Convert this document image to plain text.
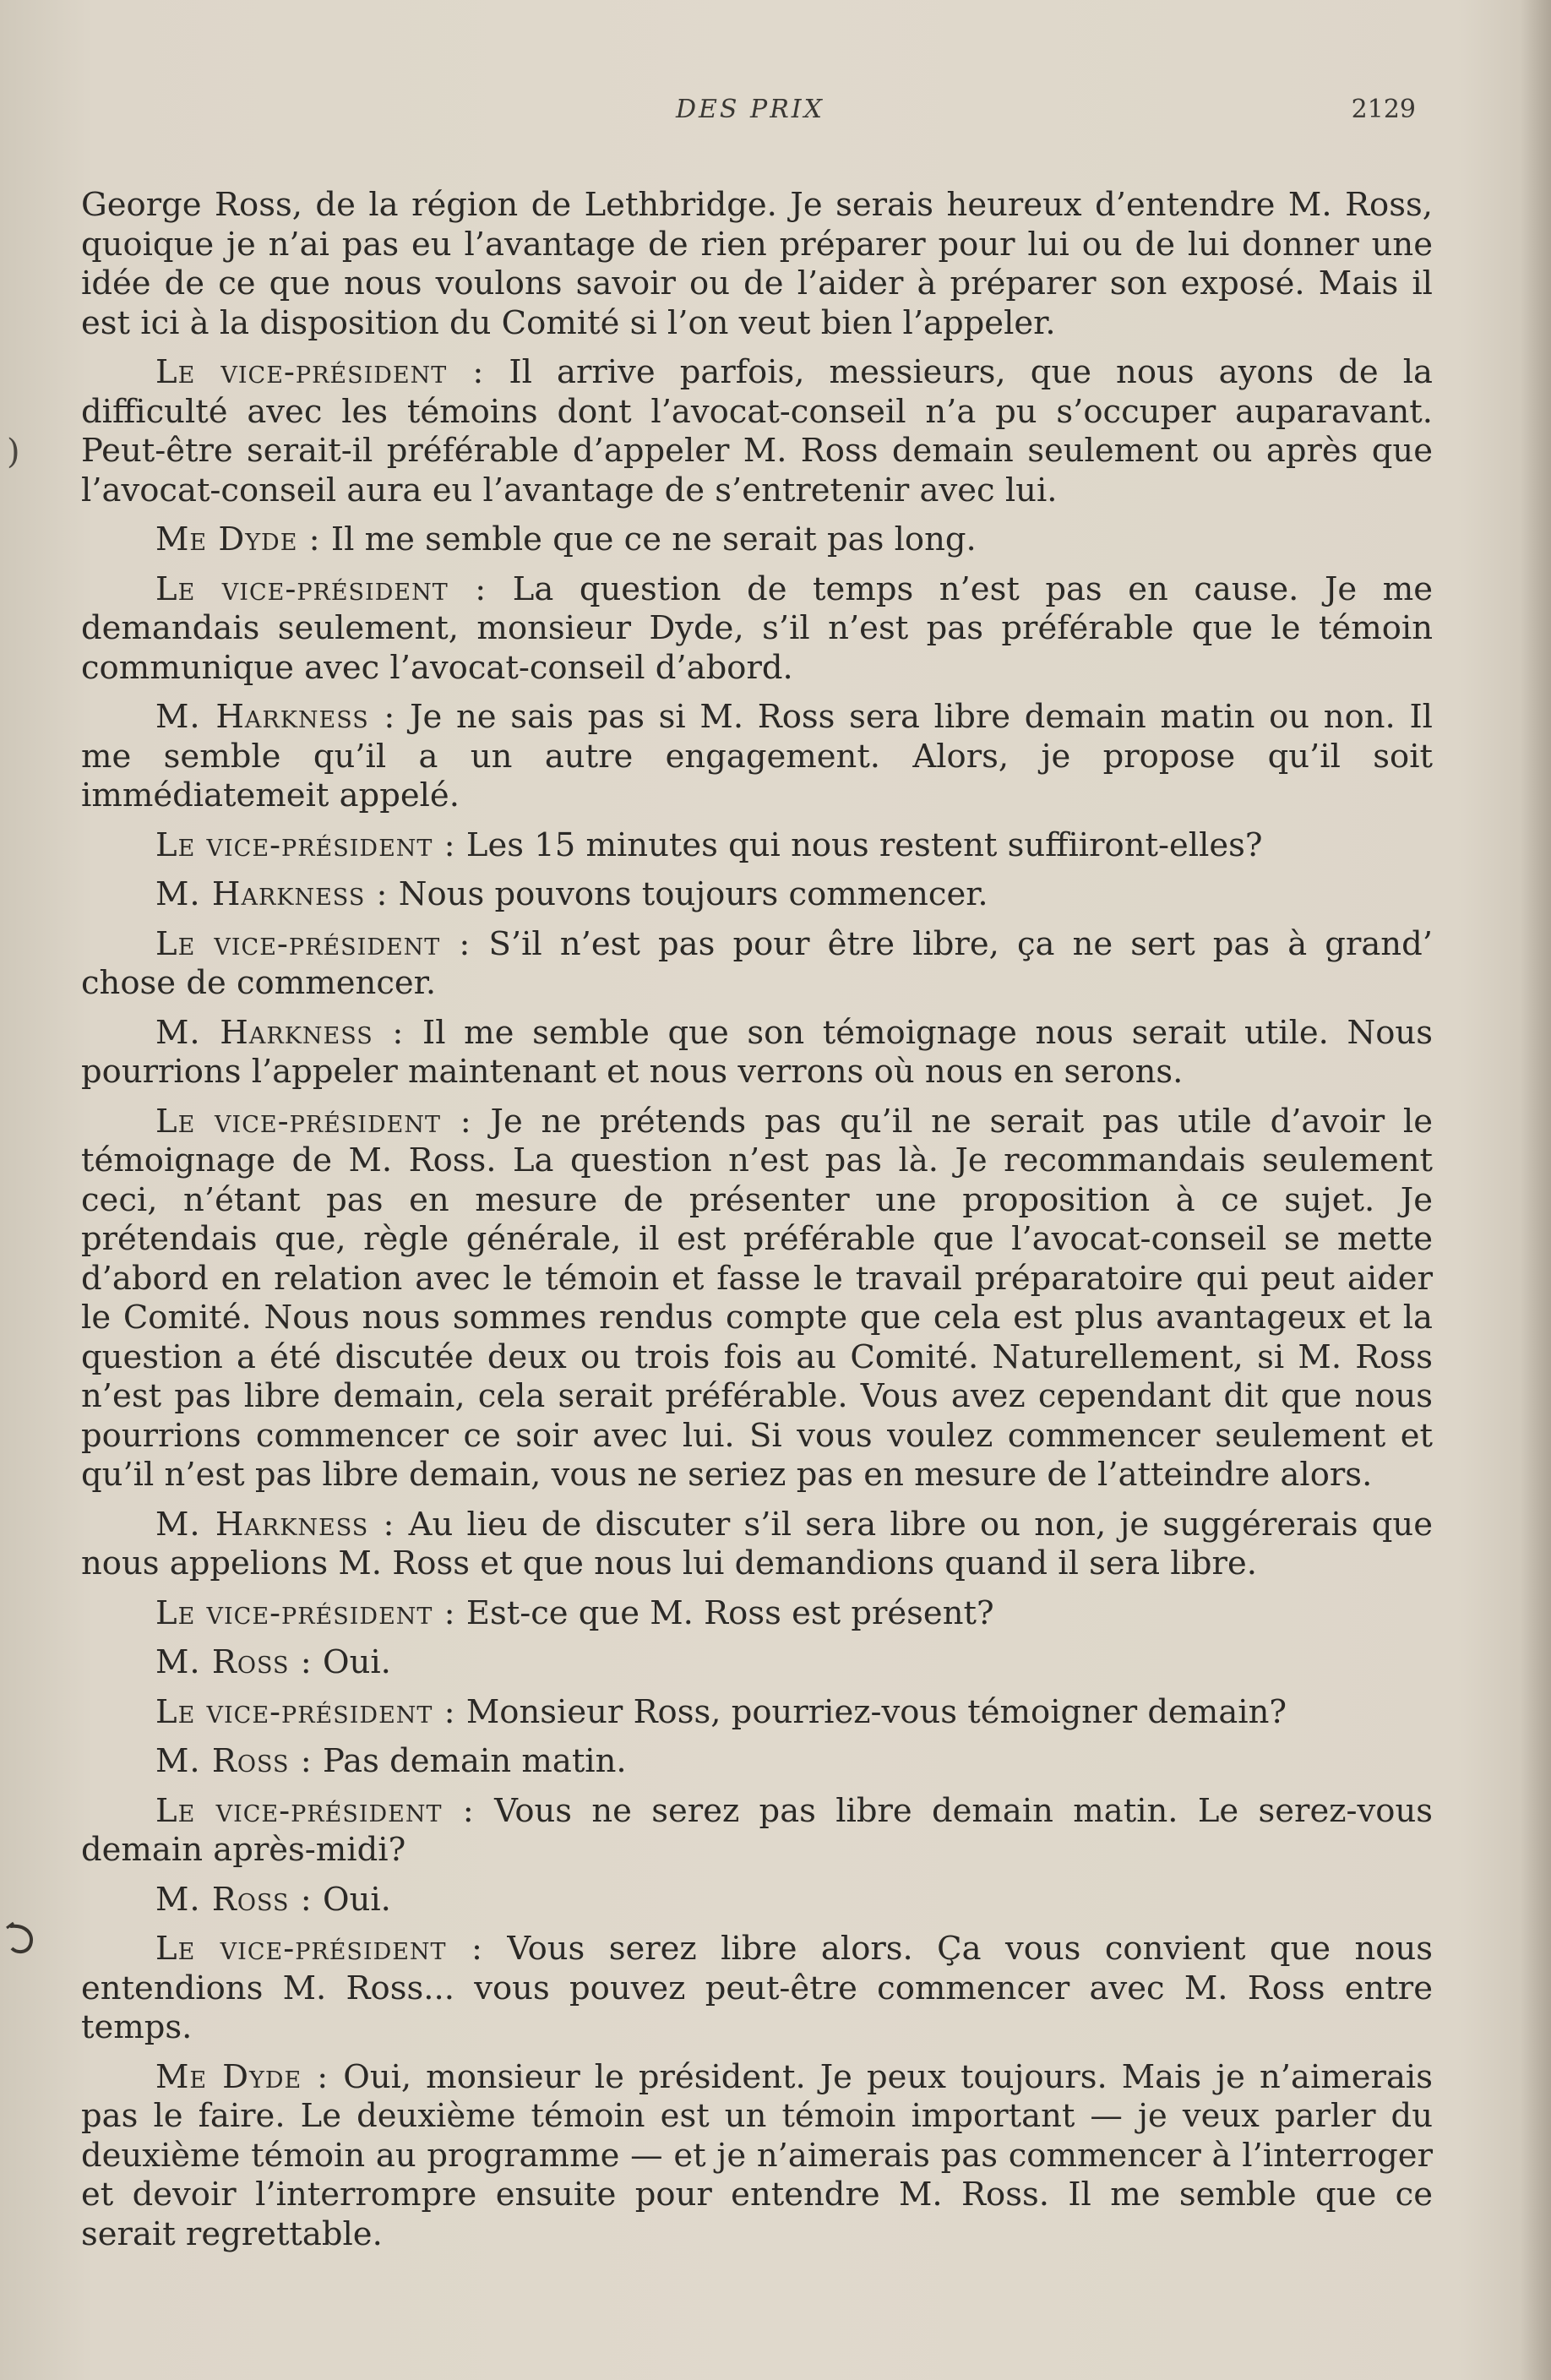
DES PRIX	2129
)

George Ross, de la région de Lethbridge. Je serais heureux d’entendre M. Ross, quoique je n’ai pas eu l’avantage de rien préparer pour lui ou de lui donner une idée de ce que nous voulons savoir ou de l’aider à préparer son exposé. Mais il est ici à la disposition du Comité si l’on veut bien l’appeler.

Le vice-président : Il arrive parfois, messieurs, que nous ayons de la difficulté avec les témoins dont l’avocat-conseil n’a pu s’occuper auparavant. Peut-être serait-il préférable d’appeler M. Ross demain seulement ou après que l’avocat-conseil aura eu l’avantage de s’entretenir avec lui.

Me Dyde : Il me semble que ce ne serait pas long.

Le vice-président : La question de temps n’est pas en cause. Je me demandais seulement, monsieur Dyde, s’il n’est pas préférable que le témoin communique avec l’avocat-conseil d’abord.

M. Harkness : Je ne sais pas si M. Ross sera libre demain matin ou non. Il me semble qu’il a un autre engagement. Alors, je propose qu’il soit immédiatemeit appelé.

Le vice-président : Les 15 minutes qui nous restent suffiiront-elles?

M. Harkness : Nous pouvons toujours commencer.

Le vice-président : S’il n’est pas pour être libre, ça ne sert pas à grand’ chose de commencer.

M. Harkness : Il me semble que son témoignage nous serait utile. Nous pourrions l’appeler maintenant et nous verrons où nous en serons.

Le vice-président : Je ne prétends pas qu’il ne serait pas utile d’avoir le témoignage de M. Ross. La question n’est pas là. Je recommandais seulement ceci, n’étant pas en mesure de présenter une proposition à ce sujet. Je prétendais que, règle générale, il est préférable que l’avocat-conseil se mette d’abord en relation avec le témoin et fasse le travail préparatoire qui peut aider le Comité. Nous nous sommes rendus compte que cela est plus avantageux et la question a été discutée deux ou trois fois au Comité. Naturellement, si M. Ross n’est pas libre demain, cela serait préférable. Vous avez cependant dit que nous pourrions commencer ce soir avec lui. Si vous voulez commencer seulement et qu’il n’est pas libre demain, vous ne seriez pas en mesure de l’atteindre alors.

M. Harkness : Au lieu de discuter s’il sera libre ou non, je suggérerais que nous appelions M. Ross et que nous lui demandions quand il sera libre.

Le vice-président : Est-ce que M. Ross est présent?

M. Ross : Oui.

Le vice-président : Monsieur Ross, pourriez-vous témoigner demain?

M. Ross : Pas demain matin.

Le vice-président : Vous ne serez pas libre demain matin. Le serez-vous demain après-midi?

M. Ross : Oui.

Le vice-président : Vous serez libre alors. Ça vous convient que nous entendions M. Ross... vous pouvez peut-être commencer avec M. Ross entre temps.

Me Dyde : Oui, monsieur le président. Je peux toujours. Mais je n’aimerais pas le faire. Le deuxième témoin est un témoin important — je veux parler du deuxième témoin au programme — et je n’aimerais pas commencer à l’interroger et devoir l’interrompre ensuite pour entendre M. Ross. Il me semble que ce serait regrettable.
